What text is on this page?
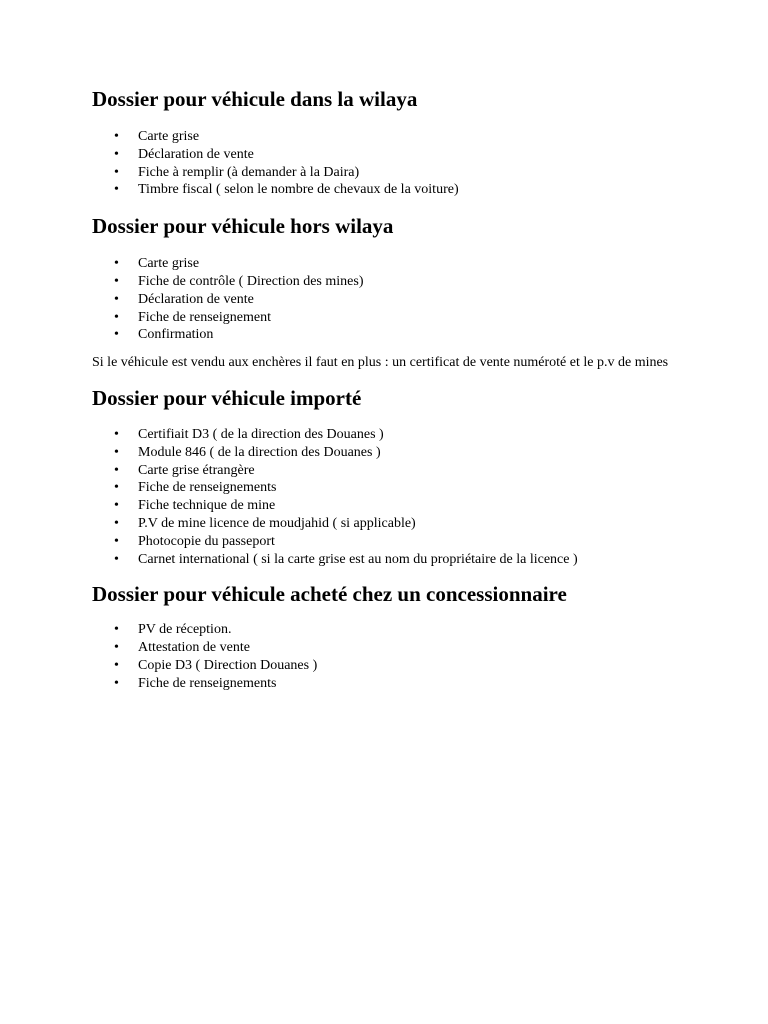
Dossier pour véhicule dans la wilaya
• Carte grise
• Déclaration de vente
• Fiche à remplir (à demander à la Daira)
• Timbre fiscal ( selon le nombre de chevaux de la voiture)
Dossier pour véhicule hors wilaya
• Carte grise
• Fiche de contrôle ( Direction des mines)
• Déclaration de vente
• Fiche de renseignement
• Confirmation

Si le véhicule est vendu aux enchères il faut en plus : un certificat de vente numéroté et le p.v de mines

Dossier pour véhicule importé
• Certifiait D3 ( de la direction des Douanes )
• Module 846 ( de la direction des Douanes )
• Carte grise étrangère
• Fiche de renseignements
• Fiche technique de mine
• P.V de mine licence de moudjahid ( si applicable)
• Photocopie du passeport
• Carnet international ( si la carte grise est au nom du propriétaire de la licence )
Dossier pour véhicule acheté chez un concessionnaire
• PV de réception.
• Attestation de vente
• Copie D3 ( Direction Douanes )
• Fiche de renseignements
